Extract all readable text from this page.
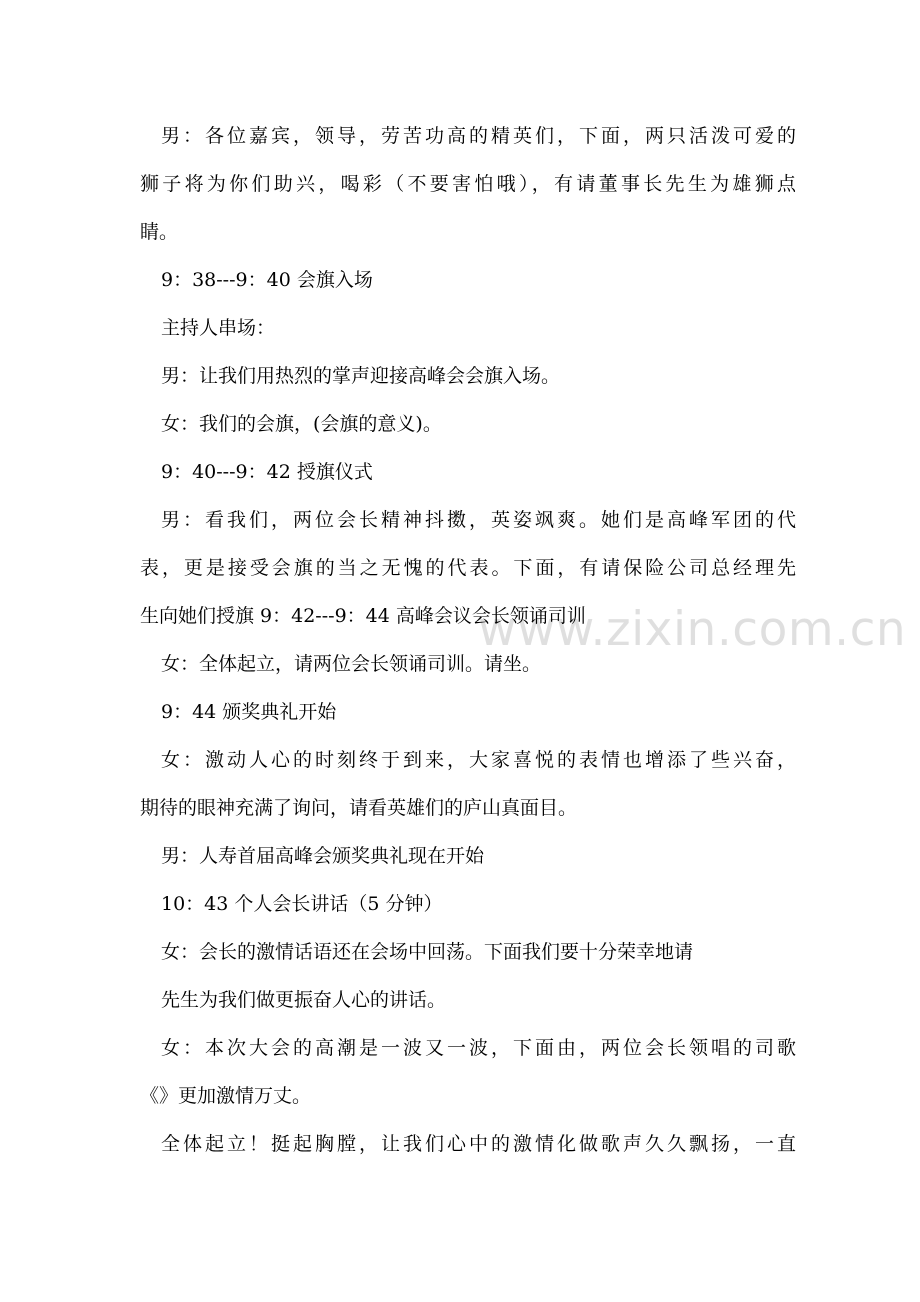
男：各位嘉宾，领导，劳苦功高的精英们，下面，两只活泼可爱的

狮子将为你们助兴，喝彩（不要害怕哦），有请董事长先生为雄狮点

睛。

9：38---9：40 会旗入场

主持人串场：

男：让我们用热烈的掌声迎接高峰会会旗入场。

女：我们的会旗，(会旗的意义)。

9：40---9：42 授旗仪式

男：看我们，两位会长精神抖擞，英姿飒爽。她们是高峰军团的代

表，更是接受会旗的当之无愧的代表。下面，有请保险公司总经理先

生向她们授旗 9：42---9：44 高峰会议会长领诵司训

女：全体起立，请两位会长领诵司训。请坐。

9：44 颁奖典礼开始

女：激动人心的时刻终于到来，大家喜悦的表情也增添了些兴奋，

期待的眼神充满了询问，请看英雄们的庐山真面目。

男：人寿首届高峰会颁奖典礼现在开始

10：43 个人会长讲话（5 分钟）

女：会长的激情话语还在会场中回荡。下面我们要十分荣幸地请

先生为我们做更振奋人心的讲话。

女：本次大会的高潮是一波又一波，下面由，两位会长领唱的司歌

《》更加激情万丈。

全体起立！挺起胸膛，让我们心中的激情化做歌声久久飘扬，一直

www.zixin.com.cn
